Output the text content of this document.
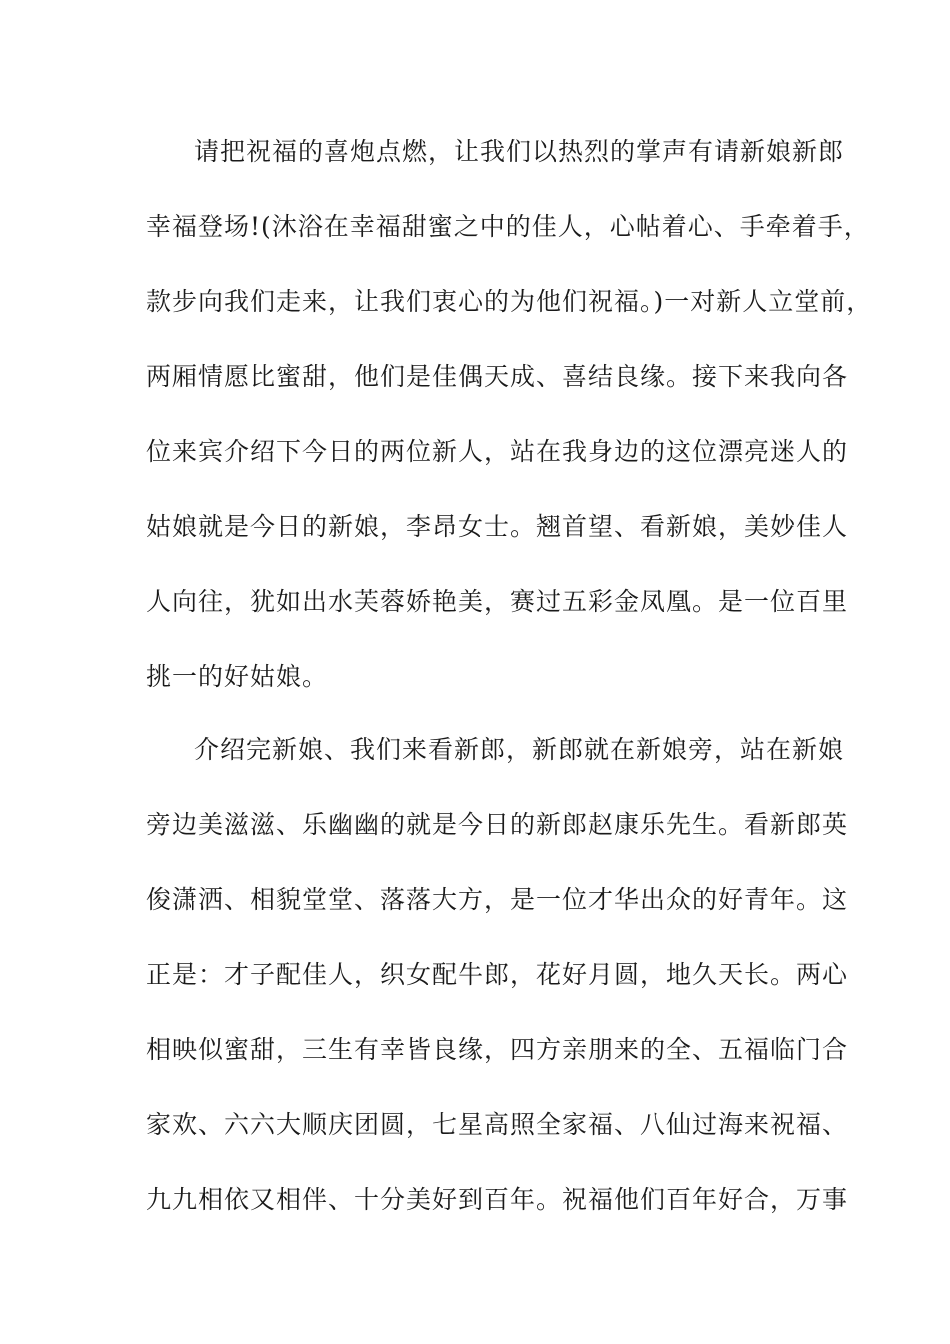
请把祝福的喜炮点燃，让我们以热烈的掌声有请新娘新郎
幸福登场!(沐浴在幸福甜蜜之中的佳人，心帖着心、手牵着手，
款步向我们走来，让我们衷心的为他们祝福。)一对新人立堂前，
两厢情愿比蜜甜，他们是佳偶天成、喜结良缘。接下来我向各
位来宾介绍下今日的两位新人，站在我身边的这位漂亮迷人的
姑娘就是今日的新娘，李昂女士。翘首望、看新娘，美妙佳人
人向往，犹如出水芙蓉娇艳美，赛过五彩金凤凰。是一位百里
挑一的好姑娘。
介绍完新娘、我们来看新郎，新郎就在新娘旁，站在新娘
旁边美滋滋、乐幽幽的就是今日的新郎赵康乐先生。看新郎英
俊潇洒、相貌堂堂、落落大方，是一位才华出众的好青年。这
正是：才子配佳人，织女配牛郎，花好月圆，地久天长。两心
相映似蜜甜，三生有幸皆良缘，四方亲朋来的全、五福临门合
家欢、六六大顺庆团圆，七星高照全家福、八仙过海来祝福、
九九相依又相伴、十分美好到百年。祝福他们百年好合，万事
